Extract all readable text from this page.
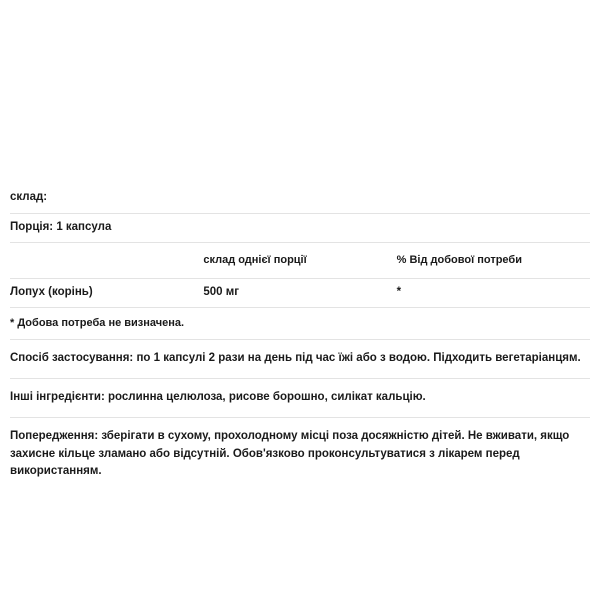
склад:		
Порція: 1 капсула		
	склад однієї порції	% Від добової потреби
Лопух (корінь)	500 мг	*
* Добова потреба не визначена.		

Спосіб застосування: по 1 капсулі 2 рази на день під час їжі або з водою. Підходить вегетаріанцям.

Інші інгредієнти: рослинна целюлоза, рисове борошно, силікат кальцію.

Попередження: зберігати в сухому, прохолодному місці поза досяжністю дітей. Не вживати, якщо захисне кільце зламано або відсутній. Обов'язково проконсультуватися з лікарем перед використанням.
